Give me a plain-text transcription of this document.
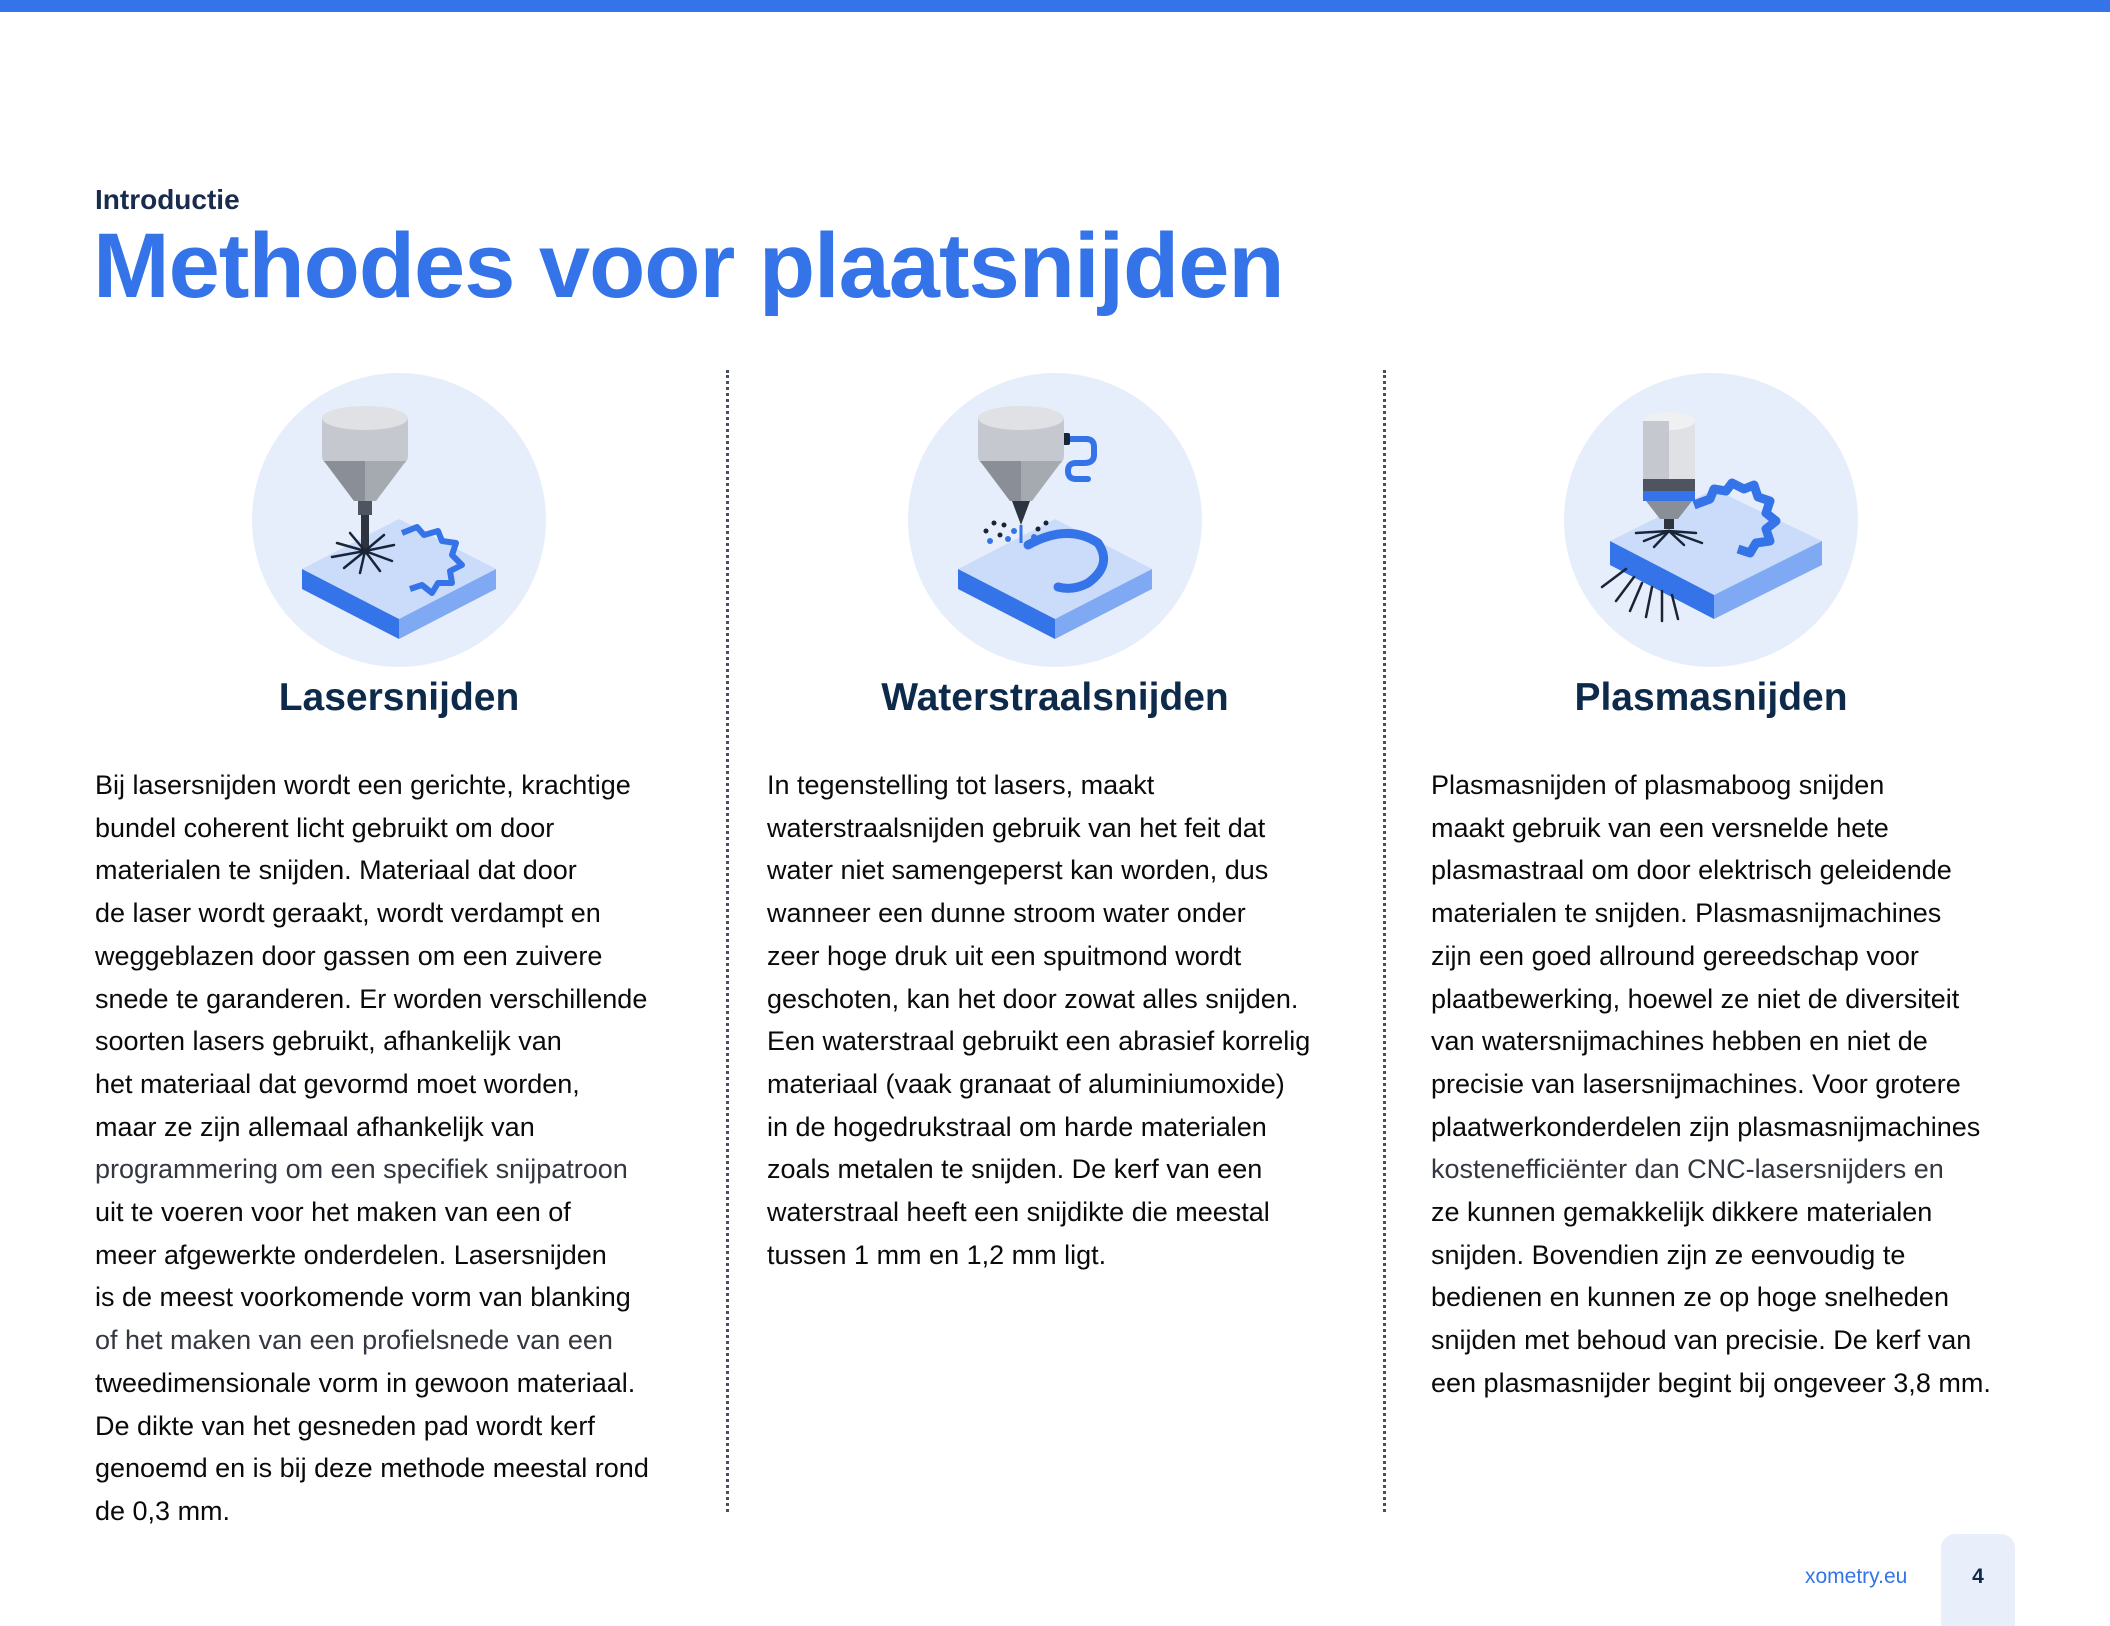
Introductie
Methodes voor plaatsnijden
Lasersnijden
Bij lasersnijden wordt een gerichte, krachtige
bundel coherent licht gebruikt om door
materialen te snijden. Materiaal dat door
de laser wordt geraakt, wordt verdampt en
weggeblazen door gassen om een zuivere
snede te garanderen. Er worden verschillende
soorten lasers gebruikt, afhankelijk van
het materiaal dat gevormd moet worden,
maar ze zijn allemaal afhankelijk van
programmering om een specifiek snijpatroon
uit te voeren voor het maken van een of
meer afgewerkte onderdelen. Lasersnijden
is de meest voorkomende vorm van blanking
of het maken van een profielsnede van een
tweedimensionale vorm in gewoon materiaal.
De dikte van het gesneden pad wordt kerf
genoemd en is bij deze methode meestal rond
de 0,3 mm.
Waterstraalsnijden
In tegenstelling tot lasers, maakt
waterstraalsnijden gebruik van het feit dat
water niet samengeperst kan worden, dus
wanneer een dunne stroom water onder
zeer hoge druk uit een spuitmond wordt
geschoten, kan het door zowat alles snijden.
Een waterstraal gebruikt een abrasief korrelig
materiaal (vaak granaat of aluminiumoxide)
in de hogedrukstraal om harde materialen
zoals metalen te snijden. De kerf van een
waterstraal heeft een snijdikte die meestal
tussen 1 mm en 1,2 mm ligt.
Plasmasnijden
Plasmasnijden of plasmaboog snijden
maakt gebruik van een versnelde hete
plasmastraal om door elektrisch geleidende
materialen te snijden. Plasmasnijmachines
zijn een goed allround gereedschap voor
plaatbewerking, hoewel ze niet de diversiteit
van watersnijmachines hebben en niet de
precisie van lasersnijmachines. Voor grotere
plaatwerkonderdelen zijn plasmasnijmachines
kostenefficiënter dan CNC-lasersnijders en
ze kunnen gemakkelijk dikkere materialen
snijden. Bovendien zijn ze eenvoudig te
bedienen en kunnen ze op hoge snelheden
snijden met behoud van precisie. De kerf van
een plasmasnijder begint bij ongeveer 3,8 mm.
xometry.eu	4
